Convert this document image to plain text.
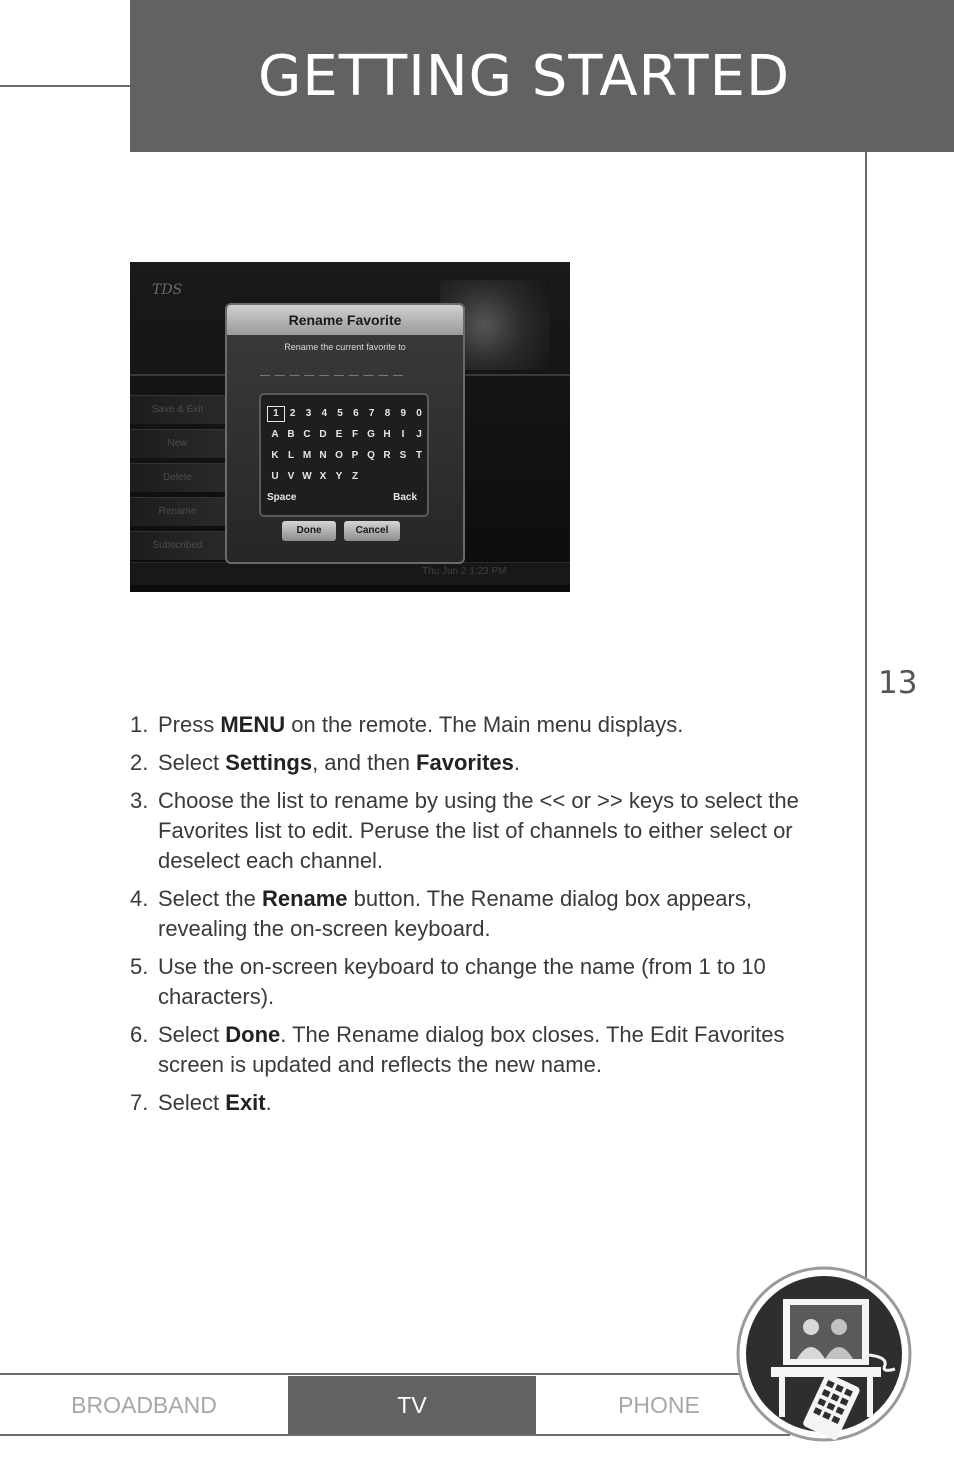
GETTING STARTED
13
TDS
Save & Exit
New
Delete
Rename
Subscribed
Thu Jun 2 1:23 PM
Rename Favorite
Rename the current favorite to
— — — — — — — — — —
1	2	3	4	5	6	7	8	9	0
A B C D E F G H	I	J
K L M N O P Q R S T
U V W X Y Z
Space	Back
Done	Cancel
1. Press MENU on the remote. The Main menu displays.
2. Select Settings, and then Favorites.
3. Choose the list to rename by using the << or >> keys to select the Favorites list to edit. Peruse the list of channels to either select or deselect each channel.
4. Select the Rename button. The Rename dialog box appears, revealing the on-screen keyboard.
5. Use the on-screen keyboard to change the name (from 1 to 10 characters).
6. Select Done. The Rename dialog box closes. The Edit Favorites screen is updated and reflects the new name.
7. Select Exit.
BROADBAND	TV	PHONE
